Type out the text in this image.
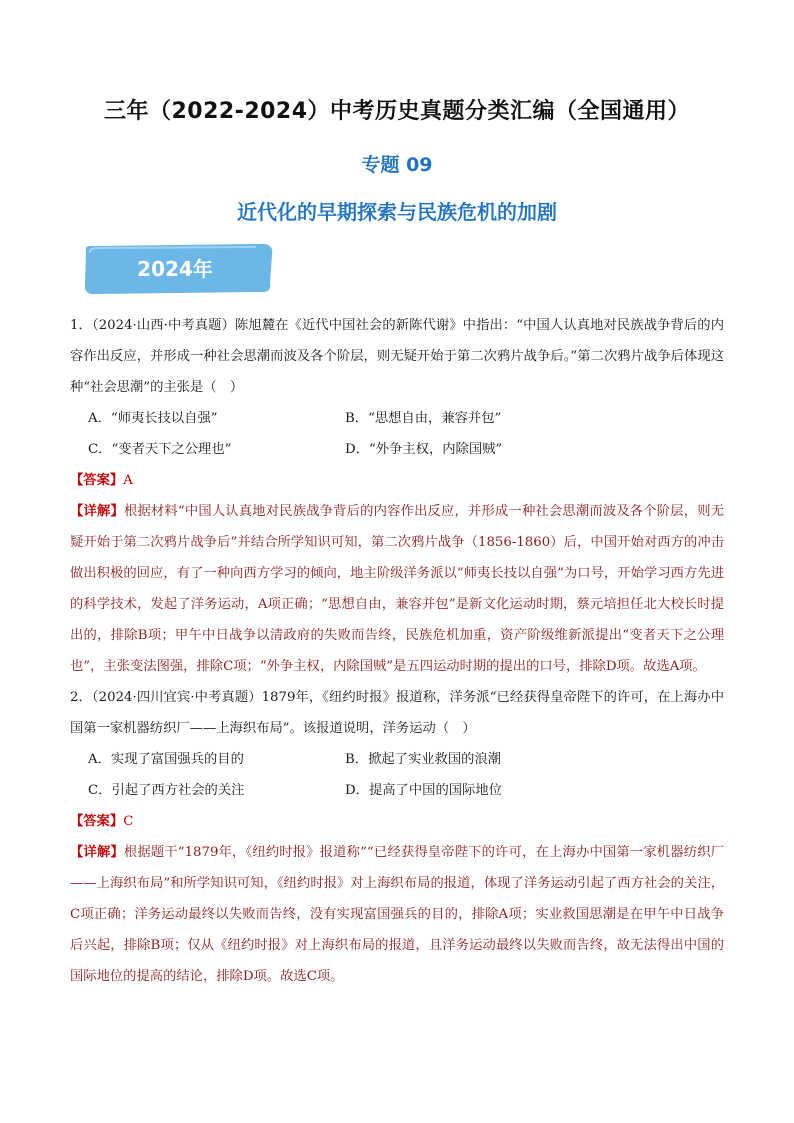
三年（2022-2024）中考历史真题分类汇编（全国通用）
专题 09
近代化的早期探索与民族危机的加剧
2024年

1．（2024·山西·中考真题）陈旭麓在《近代中国社会的新陈代谢》中指出：“中国人认真地对民族战争背后的内容作出反应，并形成一种社会思潮而波及各个阶层，则无疑开始于第二次鸦片战争后。”第二次鸦片战争后体现这种“社会思潮”的主张是（　）

A．“师夷长技以自强”	B．“思想自由，兼容并包”
C．“变者天下之公理也”	D．“外争主权，内除国贼”

【答案】A

【详解】根据材料“中国人认真地对民族战争背后的内容作出反应，并形成一种社会思潮而波及各个阶层，则无疑开始于第二次鸦片战争后”并结合所学知识可知，第二次鸦片战争（1856-1860）后，中国开始对西方的冲击做出积极的回应，有了一种向西方学习的倾向，地主阶级洋务派以“师夷长技以自强”为口号，开始学习西方先进的科学技术，发起了洋务运动，A项正确；“思想自由，兼容并包”是新文化运动时期，蔡元培担任北大校长时提出的，排除B项；甲午中日战争以清政府的失败而告终，民族危机加重，资产阶级维新派提出“变者天下之公理也”，主张变法图强，排除C项；“外争主权，内除国贼”是五四运动时期的提出的口号，排除D项。故选A项。

2．（2024·四川宜宾·中考真题）1879年，《纽约时报》报道称，洋务派“已经获得皇帝陛下的许可，在上海办中国第一家机器纺织厂——上海织布局”。该报道说明，洋务运动（　）

A．实现了富国强兵的目的	B．掀起了实业救国的浪潮
C．引起了西方社会的关注	D．提高了中国的国际地位

【答案】C

【详解】根据题干“1879年，《纽约时报》报道称”“已经获得皇帝陛下的许可，在上海办中国第一家机器纺织厂——上海织布局”和所学知识可知，《纽约时报》对上海织布局的报道，体现了洋务运动引起了西方社会的关注，C项正确；洋务运动最终以失败而告终，没有实现富国强兵的目的，排除A项；实业救国思潮是在甲午中日战争后兴起，排除B项；仅从《纽约时报》对上海织布局的报道，且洋务运动最终以失败而告终，故无法得出中国的国际地位的提高的结论，排除D项。故选C项。
